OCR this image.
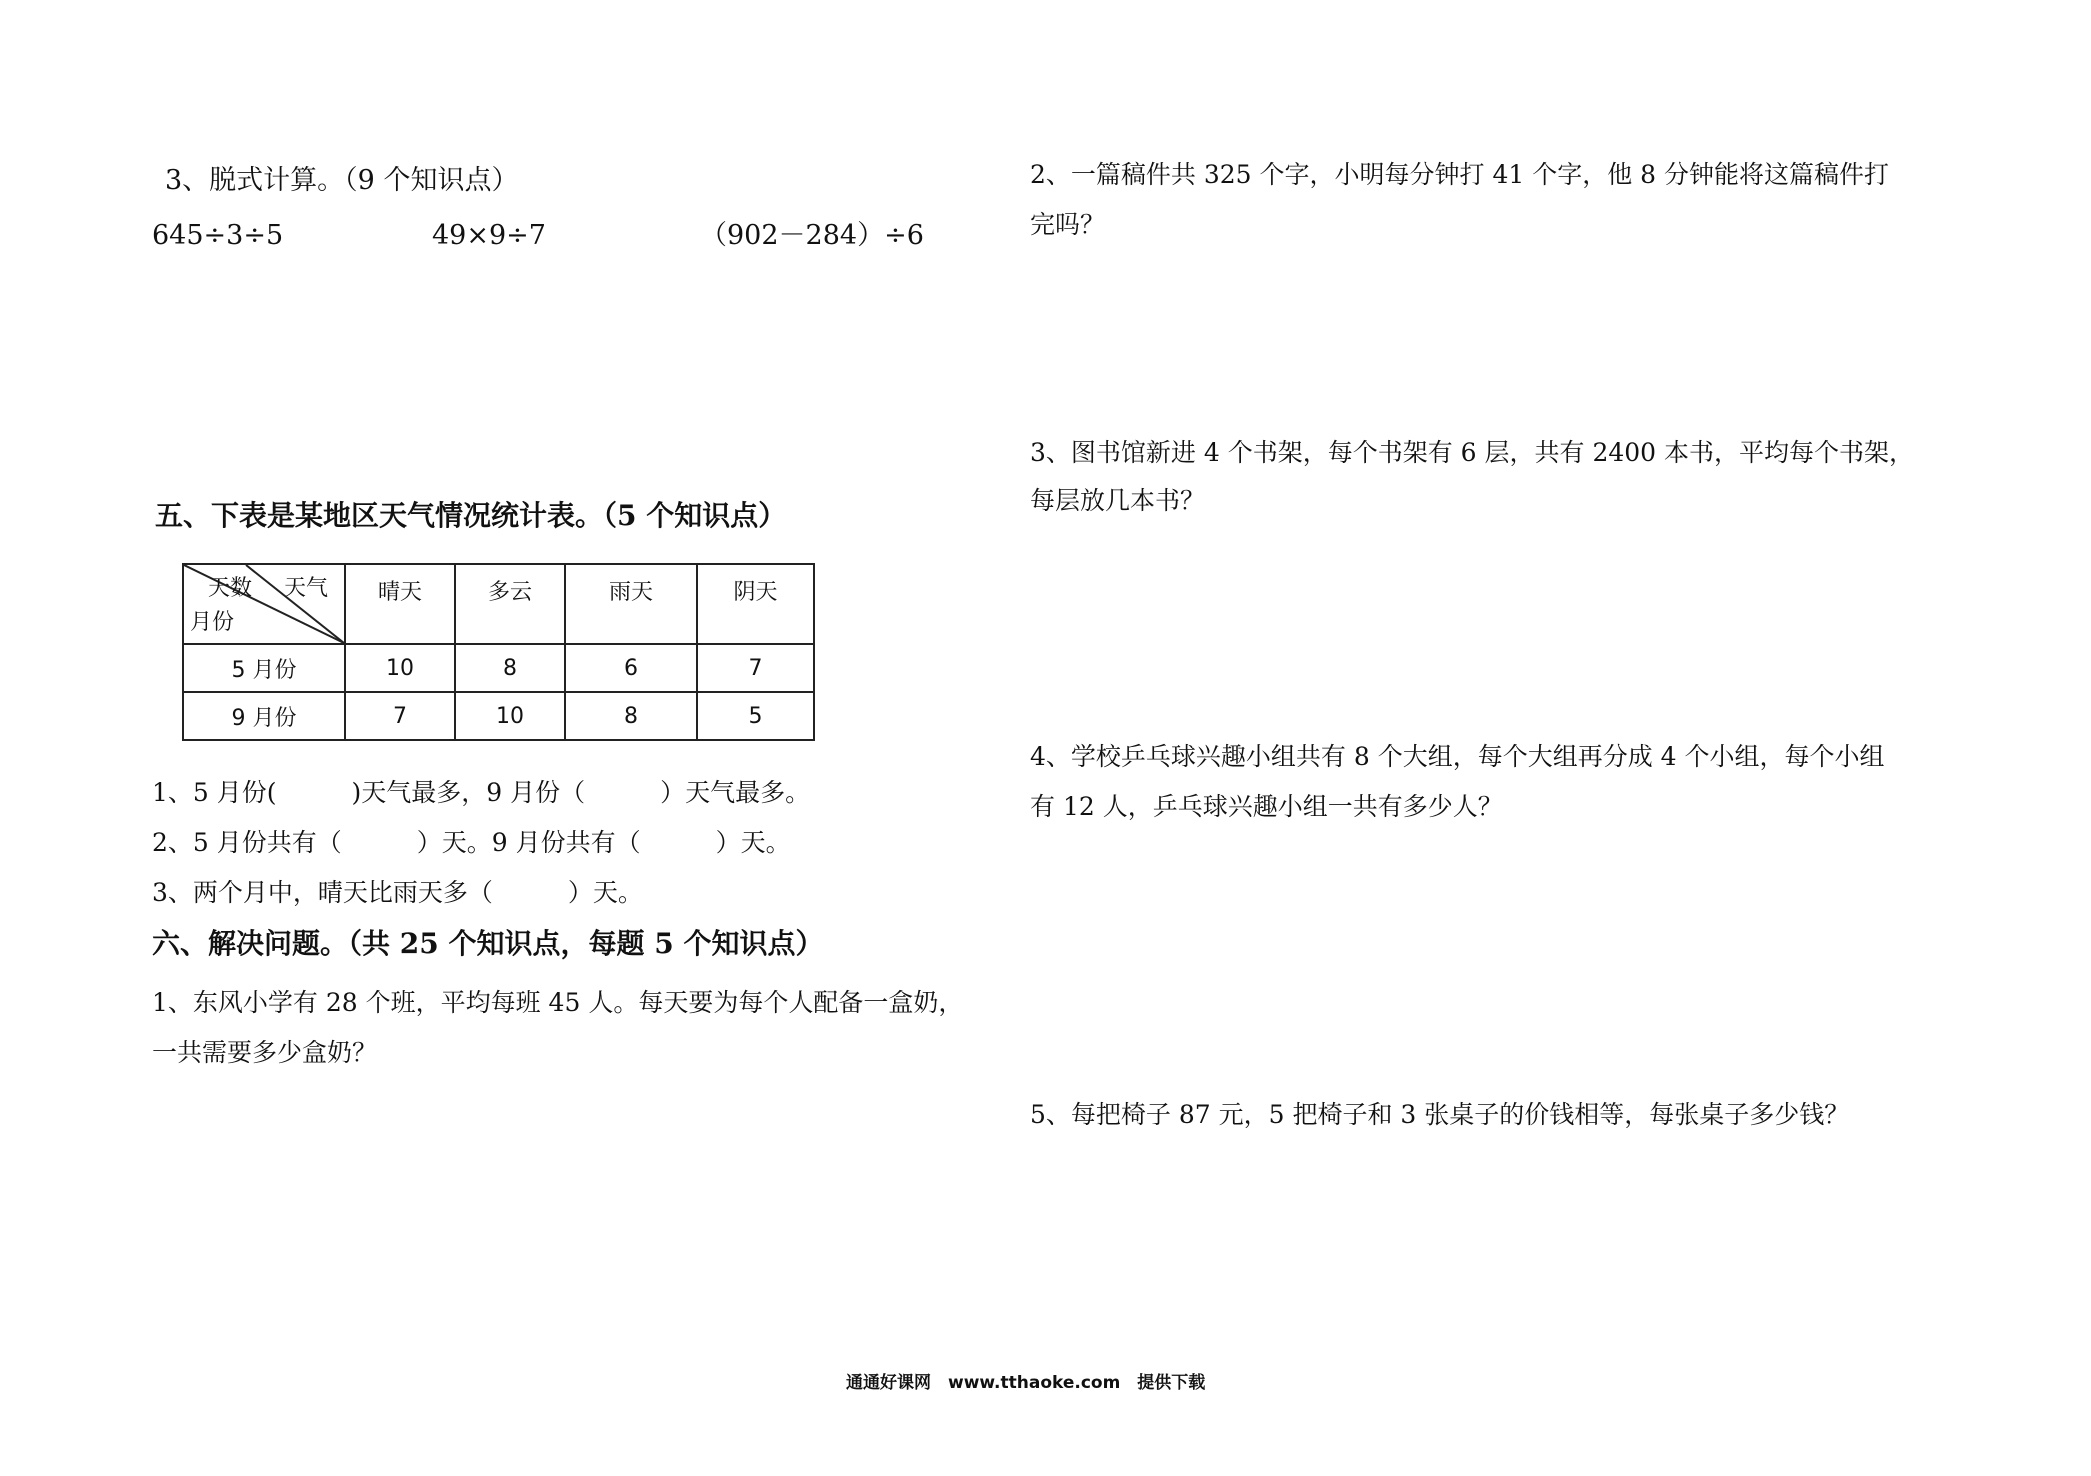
3、脱式计算。（9 个知识点）
645÷3÷5	49×9÷7	（902－284）÷6
五、下表是某地区天气情况统计表。（5 个知识点）
天数 天气
月份	晴天	多云	雨天	阴天
5 月份	10	8	6	7
9 月份	7	10	8	5
1、5 月份(　　　)天气最多，9 月份（　　　）天气最多。
2、5 月份共有（　　　）天。9 月份共有（　　　）天。
3、两个月中，晴天比雨天多（　　　）天。
六、解决问题。（共 25 个知识点，每题 5 个知识点）
1、东风小学有 28 个班，平均每班 45 人。每天要为每个人配备一盒奶，
一共需要多少盒奶？
2、一篇稿件共 325 个字，小明每分钟打 41 个字，他 8 分钟能将这篇稿件打
完吗？
3、图书馆新进 4 个书架，每个书架有 6 层，共有 2400 本书，平均每个书架，
每层放几本书？
4、学校乒乓球兴趣小组共有 8 个大组，每个大组再分成 4 个小组，每个小组
有 12 人，乒乓球兴趣小组一共有多少人？
5、每把椅子 87 元，5 把椅子和 3 张桌子的价钱相等，每张桌子多少钱？
通通好课网　www.tthaoke.com　提供下载
